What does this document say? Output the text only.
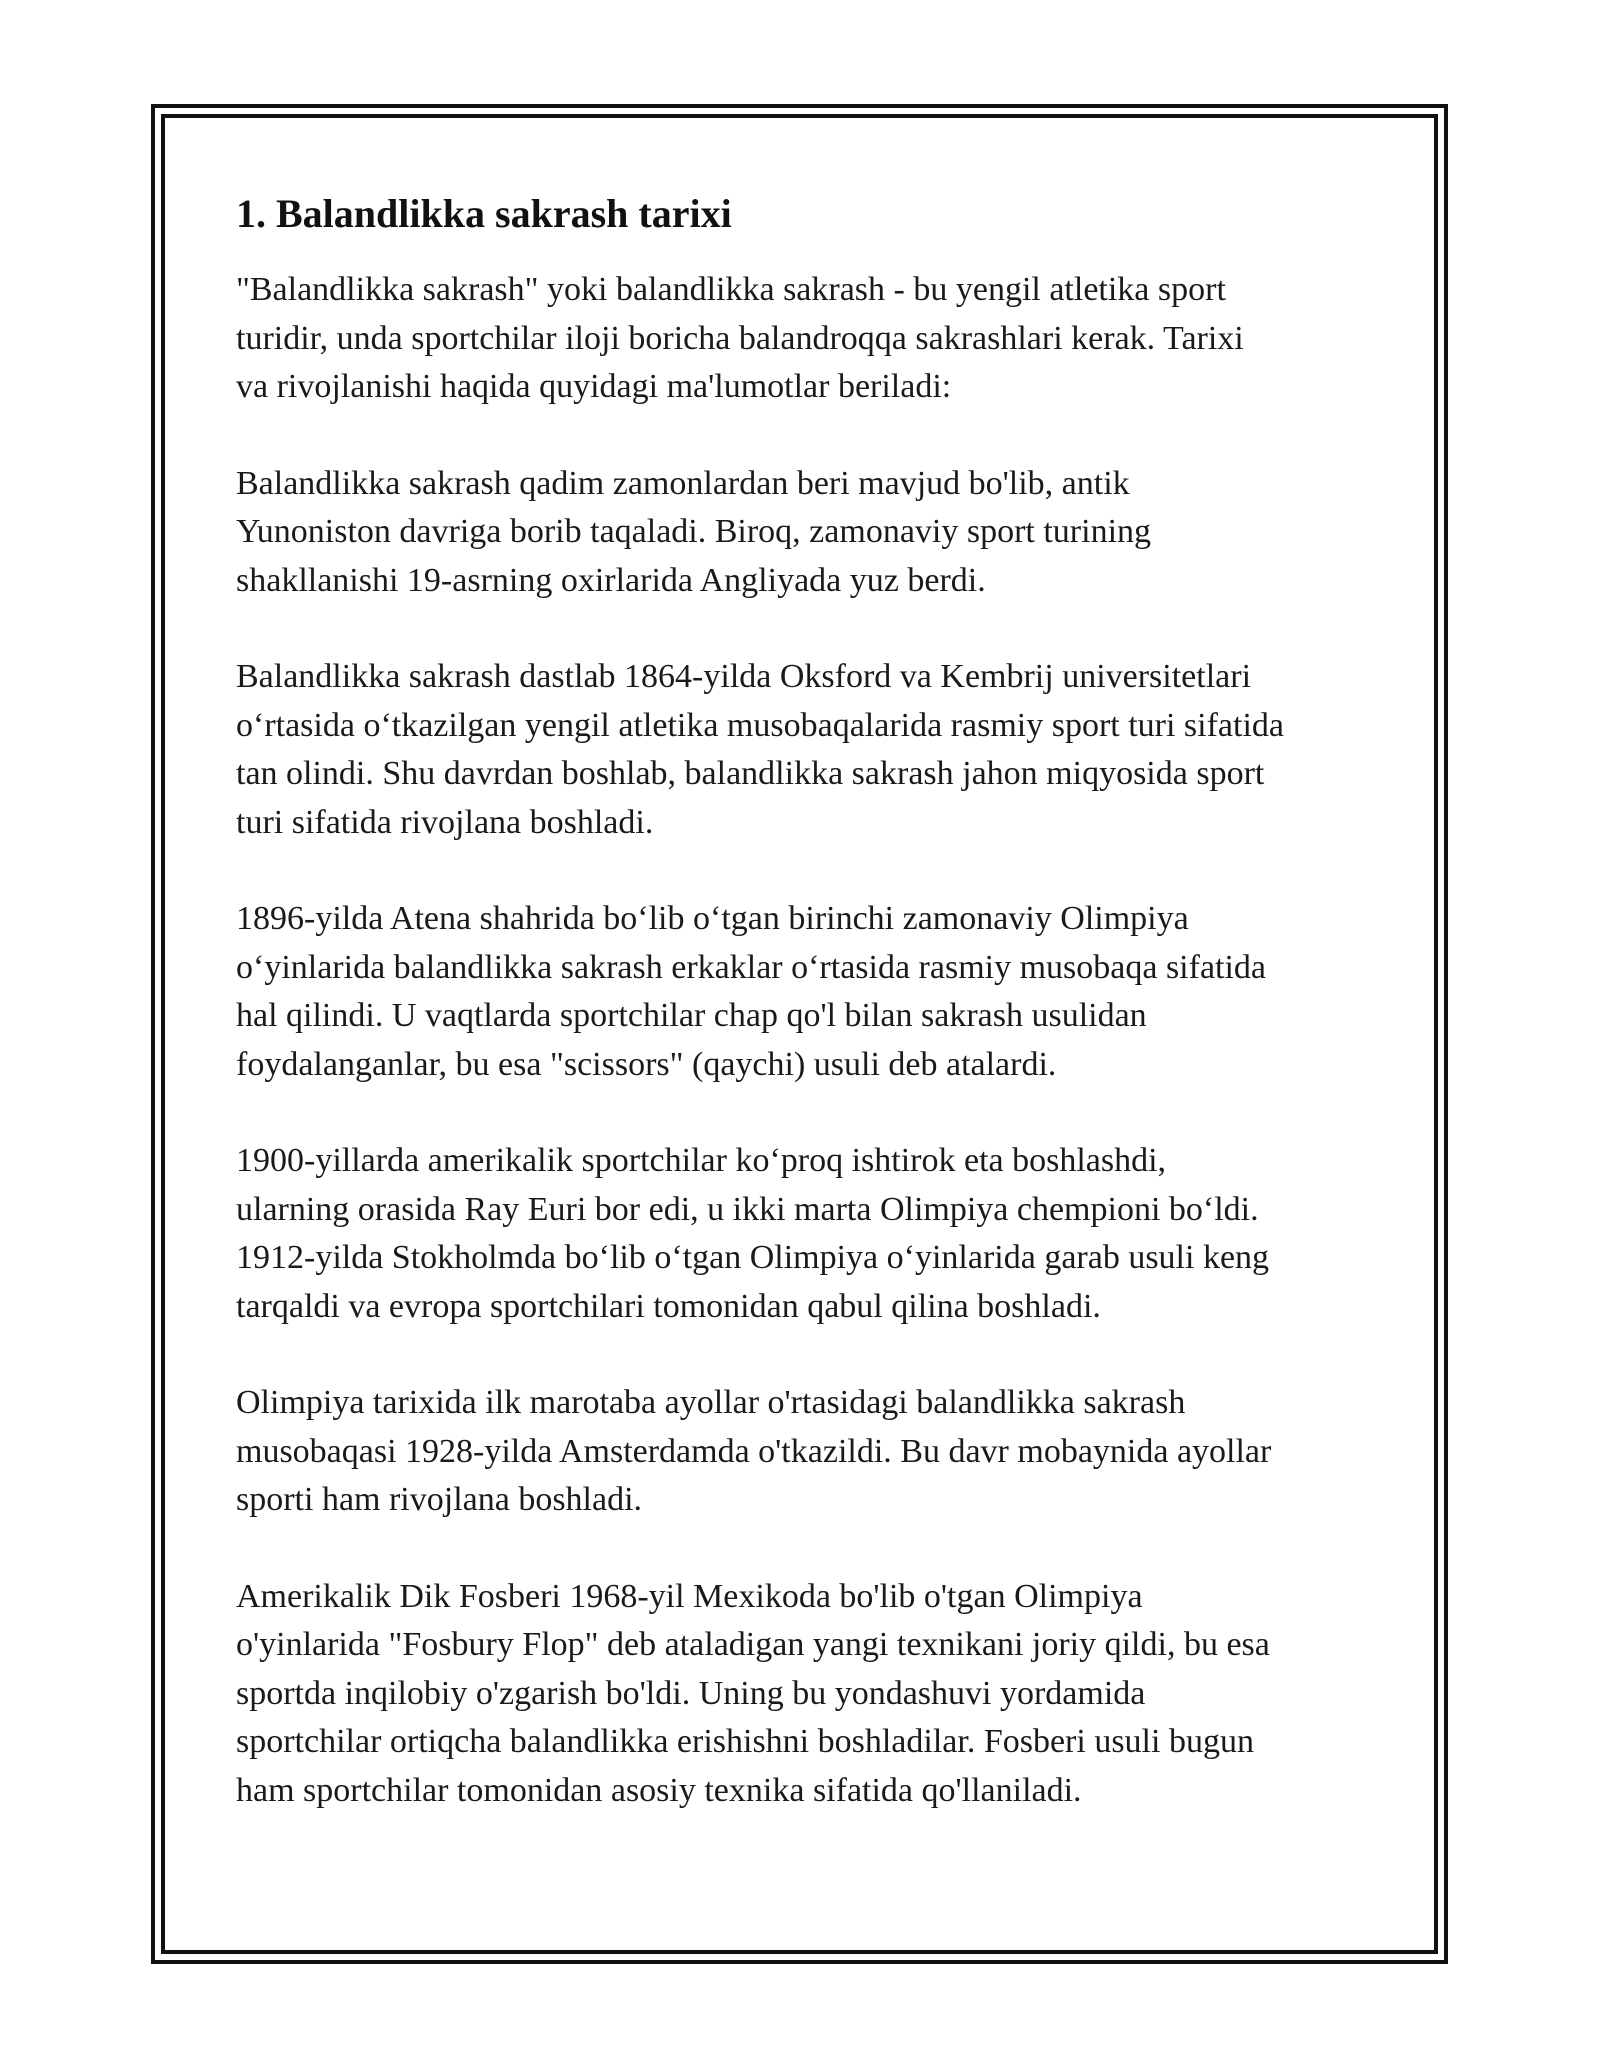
1. Balandlikka sakrash tarixi

"Balandlikka sakrash" yoki balandlikka sakrash - bu yengil atletika sport
turidir, unda sportchilar iloji boricha balandroqqa sakrashlari kerak. Tarixi
va rivojlanishi haqida quyidagi ma'lumotlar beriladi:

Balandlikka sakrash qadim zamonlardan beri mavjud bo'lib, antik
Yunoniston davriga borib taqaladi. Biroq, zamonaviy sport turining
shakllanishi 19-asrning oxirlarida Angliyada yuz berdi.

Balandlikka sakrash dastlab 1864-yilda Oksford va Kembrij universitetlari
o‘rtasida o‘tkazilgan yengil atletika musobaqalarida rasmiy sport turi sifatida
tan olindi. Shu davrdan boshlab, balandlikka sakrash jahon miqyosida sport
turi sifatida rivojlana boshladi.

1896-yilda Atena shahrida bo‘lib o‘tgan birinchi zamonaviy Olimpiya
o‘yinlarida balandlikka sakrash erkaklar o‘rtasida rasmiy musobaqa sifatida
hal qilindi. U vaqtlarda sportchilar chap qo'l bilan sakrash usulidan
foydalanganlar, bu esa "scissors" (qaychi) usuli deb atalardi.

1900-yillarda amerikalik sportchilar ko‘proq ishtirok eta boshlashdi,
ularning orasida Ray Euri bor edi, u ikki marta Olimpiya chempioni bo‘ldi.
1912-yilda Stokholmda bo‘lib o‘tgan Olimpiya o‘yinlarida garab usuli keng
tarqaldi va evropa sportchilari tomonidan qabul qilina boshladi.

Olimpiya tarixida ilk marotaba ayollar o'rtasidagi balandlikka sakrash
musobaqasi 1928-yilda Amsterdamda o'tkazildi. Bu davr mobaynida ayollar
sporti ham rivojlana boshladi.

Amerikalik Dik Fosberi 1968-yil Mexikoda bo'lib o'tgan Olimpiya
o'yinlarida "Fosbury Flop" deb ataladigan yangi texnikani joriy qildi, bu esa
sportda inqilobiy o'zgarish bo'ldi. Uning bu yondashuvi yordamida
sportchilar ortiqcha balandlikka erishishni boshladilar. Fosberi usuli bugun
ham sportchilar tomonidan asosiy texnika sifatida qo'llaniladi.
